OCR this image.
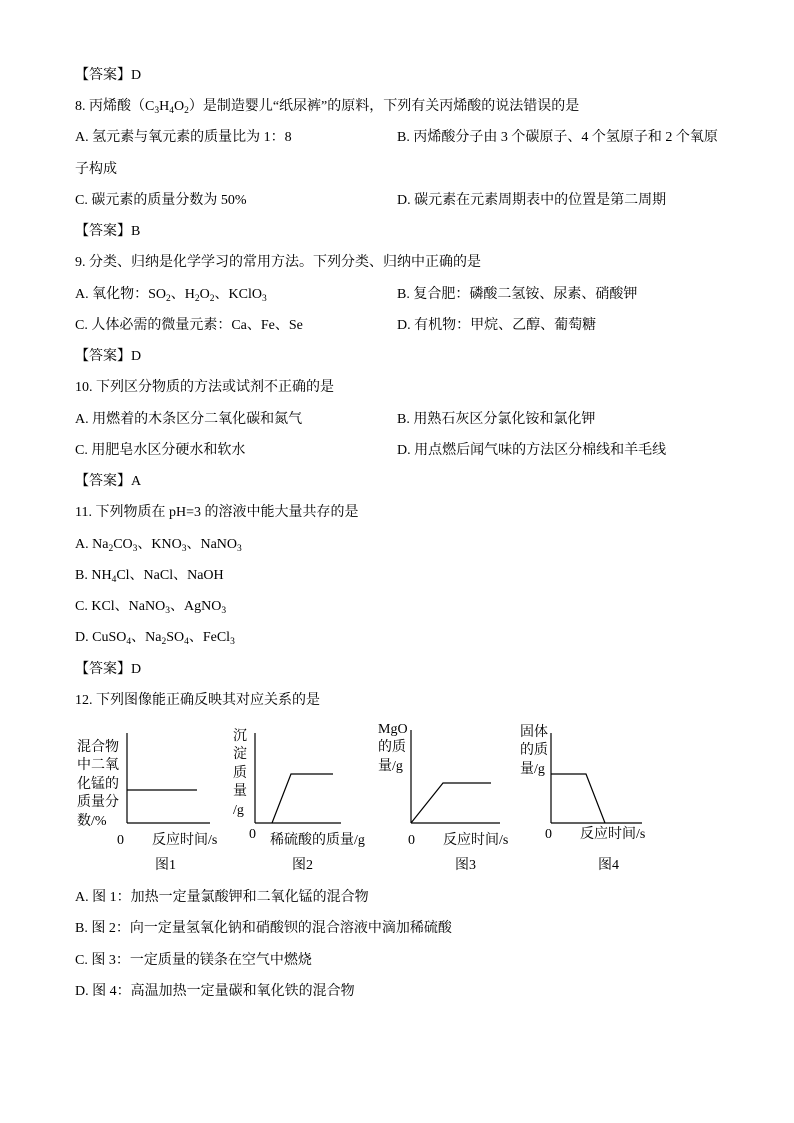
【答案】D
8. 丙烯酸$(C_3H_4O_2)$是制造婴儿“纸尿裤”的原料，下列有关丙烯酸的说法错误的是
A. 氢元素与氧元素的质量比为 1：8	B. 丙烯酸分子由 3 个碳原子、4 个氢原子和 2 个氧原
子构成
C. 碳元素的质量分数为 50%	D. 碳元素在元素周期表中的位置是第二周期
【答案】B
9. 分类、归纳是化学学习的常用方法。下列分类、归纳中正确的是
A. 氧化物：$SO_2$、$H_2O_2$、KClO$_3$	B. 复合肥：磷酸二氢铵、尿素、硝酸钾
C. 人体必需的微量元素：Ca、Fe、Se	D. 有机物：甲烷、乙醇、葡萄糖
【答案】D
10. 下列区分物质的方法或试剂不正确的是
A. 用燃着的木条区分二氧化碳和氮气	B. 用熟石灰区分氯化铵和氯化钾
C. 用肥皂水区分硬水和软水	D. 用点燃后闻气味的方法区分棉线和羊毛线
【答案】A
11. 下列物质在 pH=3 的溶液中能大量共存的是
A. $Na_2CO_3$、$KNO_3$、NaNO$_3$
B. $NH_4Cl$、NaCl、NaOH
C. KCl、NaNO$_3$、AgNO$_3$
D. CuSO$_4$、$Na_2SO_4$、FeCl$_3$
【答案】D
12. 下列图像能正确反映其对应关系的是
混合物
中二氧
化锰的
质量分
数/%
0 反应时间/s
图1
沉
淀
质
量
/g
0 稀硫酸的质量/g
图2
MgO
的质
量/g
0 反应时间/s
图3
固体
的质
量/g
0 反应时间/s
图4
A. 图 1：加热一定量氯酸钾和二氧化锰的混合物
B. 图 2：向一定量氢氧化钠和硝酸钡的混合溶液中滴加稀硫酸
C. 图 3：一定质量的镁条在空气中燃烧
D. 图 4：高温加热一定量碳和氧化铁的混合物
